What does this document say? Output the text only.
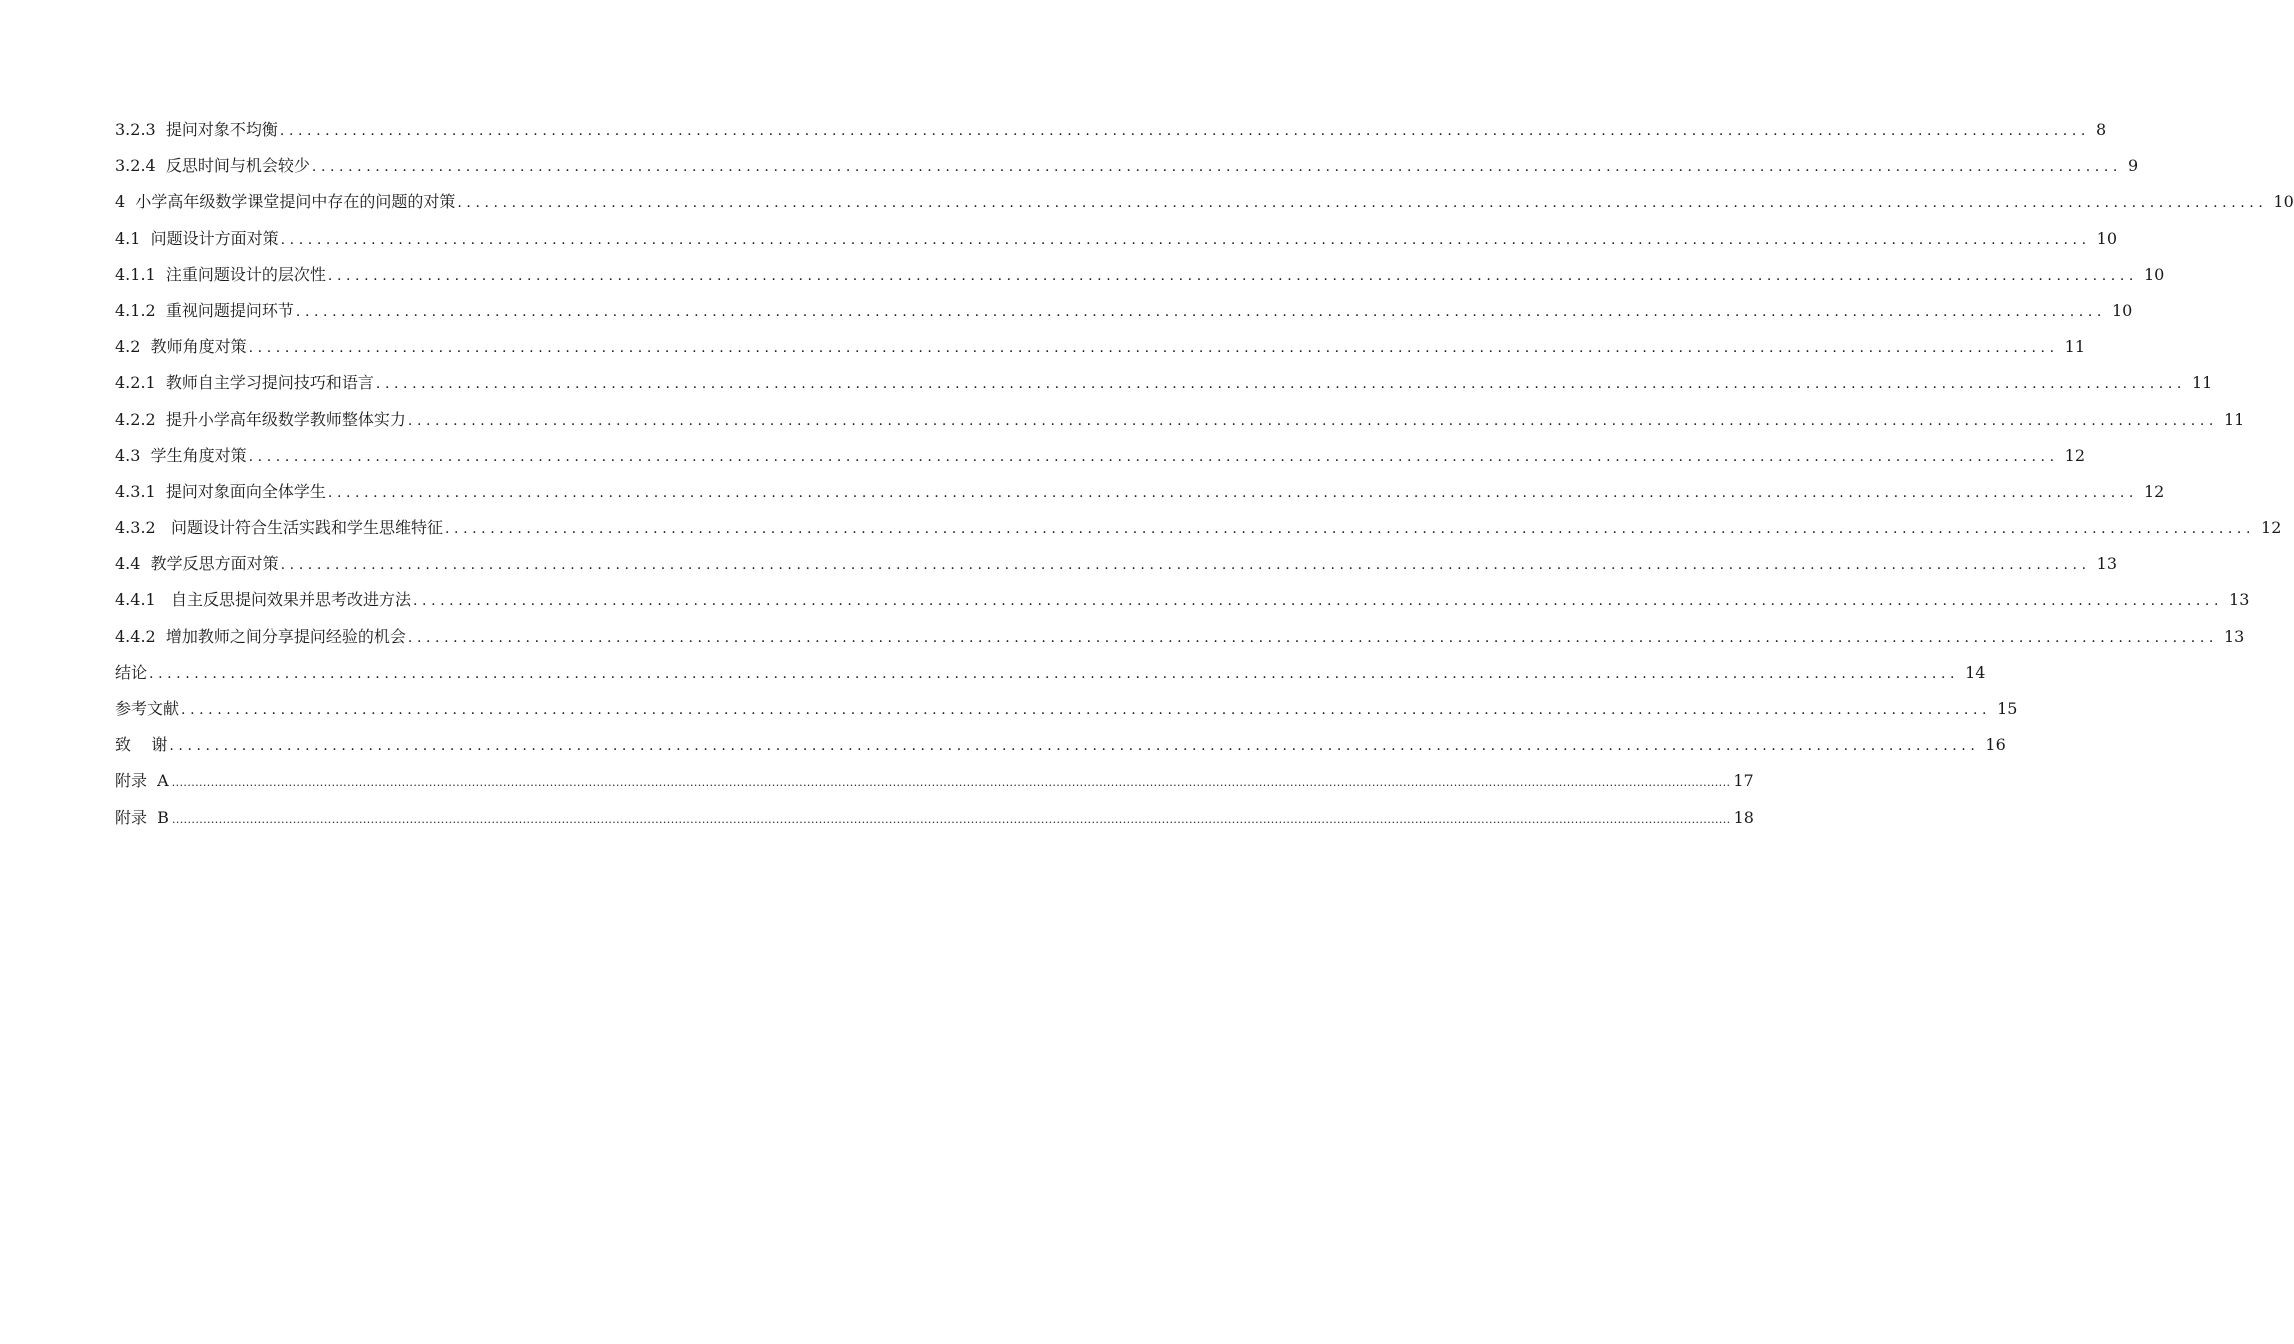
3.2.3  提问对象不均衡 ........................................................................................................................................................................................................ 8
3.2.4  反思时间与机会较少 ........................................................................................................................................................................................................ 9
4  小学高年级数学课堂提问中存在的问题的对策 ........................................................................................................................................................................................................ 10
4.1  问题设计方面对策 ........................................................................................................................................................................................................ 10
4.1.1  注重问题设计的层次性 ........................................................................................................................................................................................................ 10
4.1.2  重视问题提问环节 ........................................................................................................................................................................................................ 10
4.2  教师角度对策 ........................................................................................................................................................................................................ 11
4.2.1  教师自主学习提问技巧和语言 ........................................................................................................................................................................................................ 11
4.2.2  提升小学高年级数学教师整体实力 ........................................................................................................................................................................................................ 11
4.3  学生角度对策 ........................................................................................................................................................................................................ 12
4.3.1  提问对象面向全体学生 ........................................................................................................................................................................................................ 12
4.3.2   问题设计符合生活实践和学生思维特征 ........................................................................................................................................................................................................ 12
4.4  教学反思方面对策 ........................................................................................................................................................................................................ 13
4.4.1   自主反思提问效果并思考改进方法 ........................................................................................................................................................................................................ 13
4.4.2  增加教师之间分享提问经验的机会 ........................................................................................................................................................................................................ 13
结论 ........................................................................................................................................................................................................ 14
参考文献 ........................................................................................................................................................................................................ 15
致    谢 ........................................................................................................................................................................................................ 16
附录  A ................................................................................................................................................................................................................................................................................................................................................................................................................ 17
附录  B ................................................................................................................................................................................................................................................................................................................................................................................................................ 18
